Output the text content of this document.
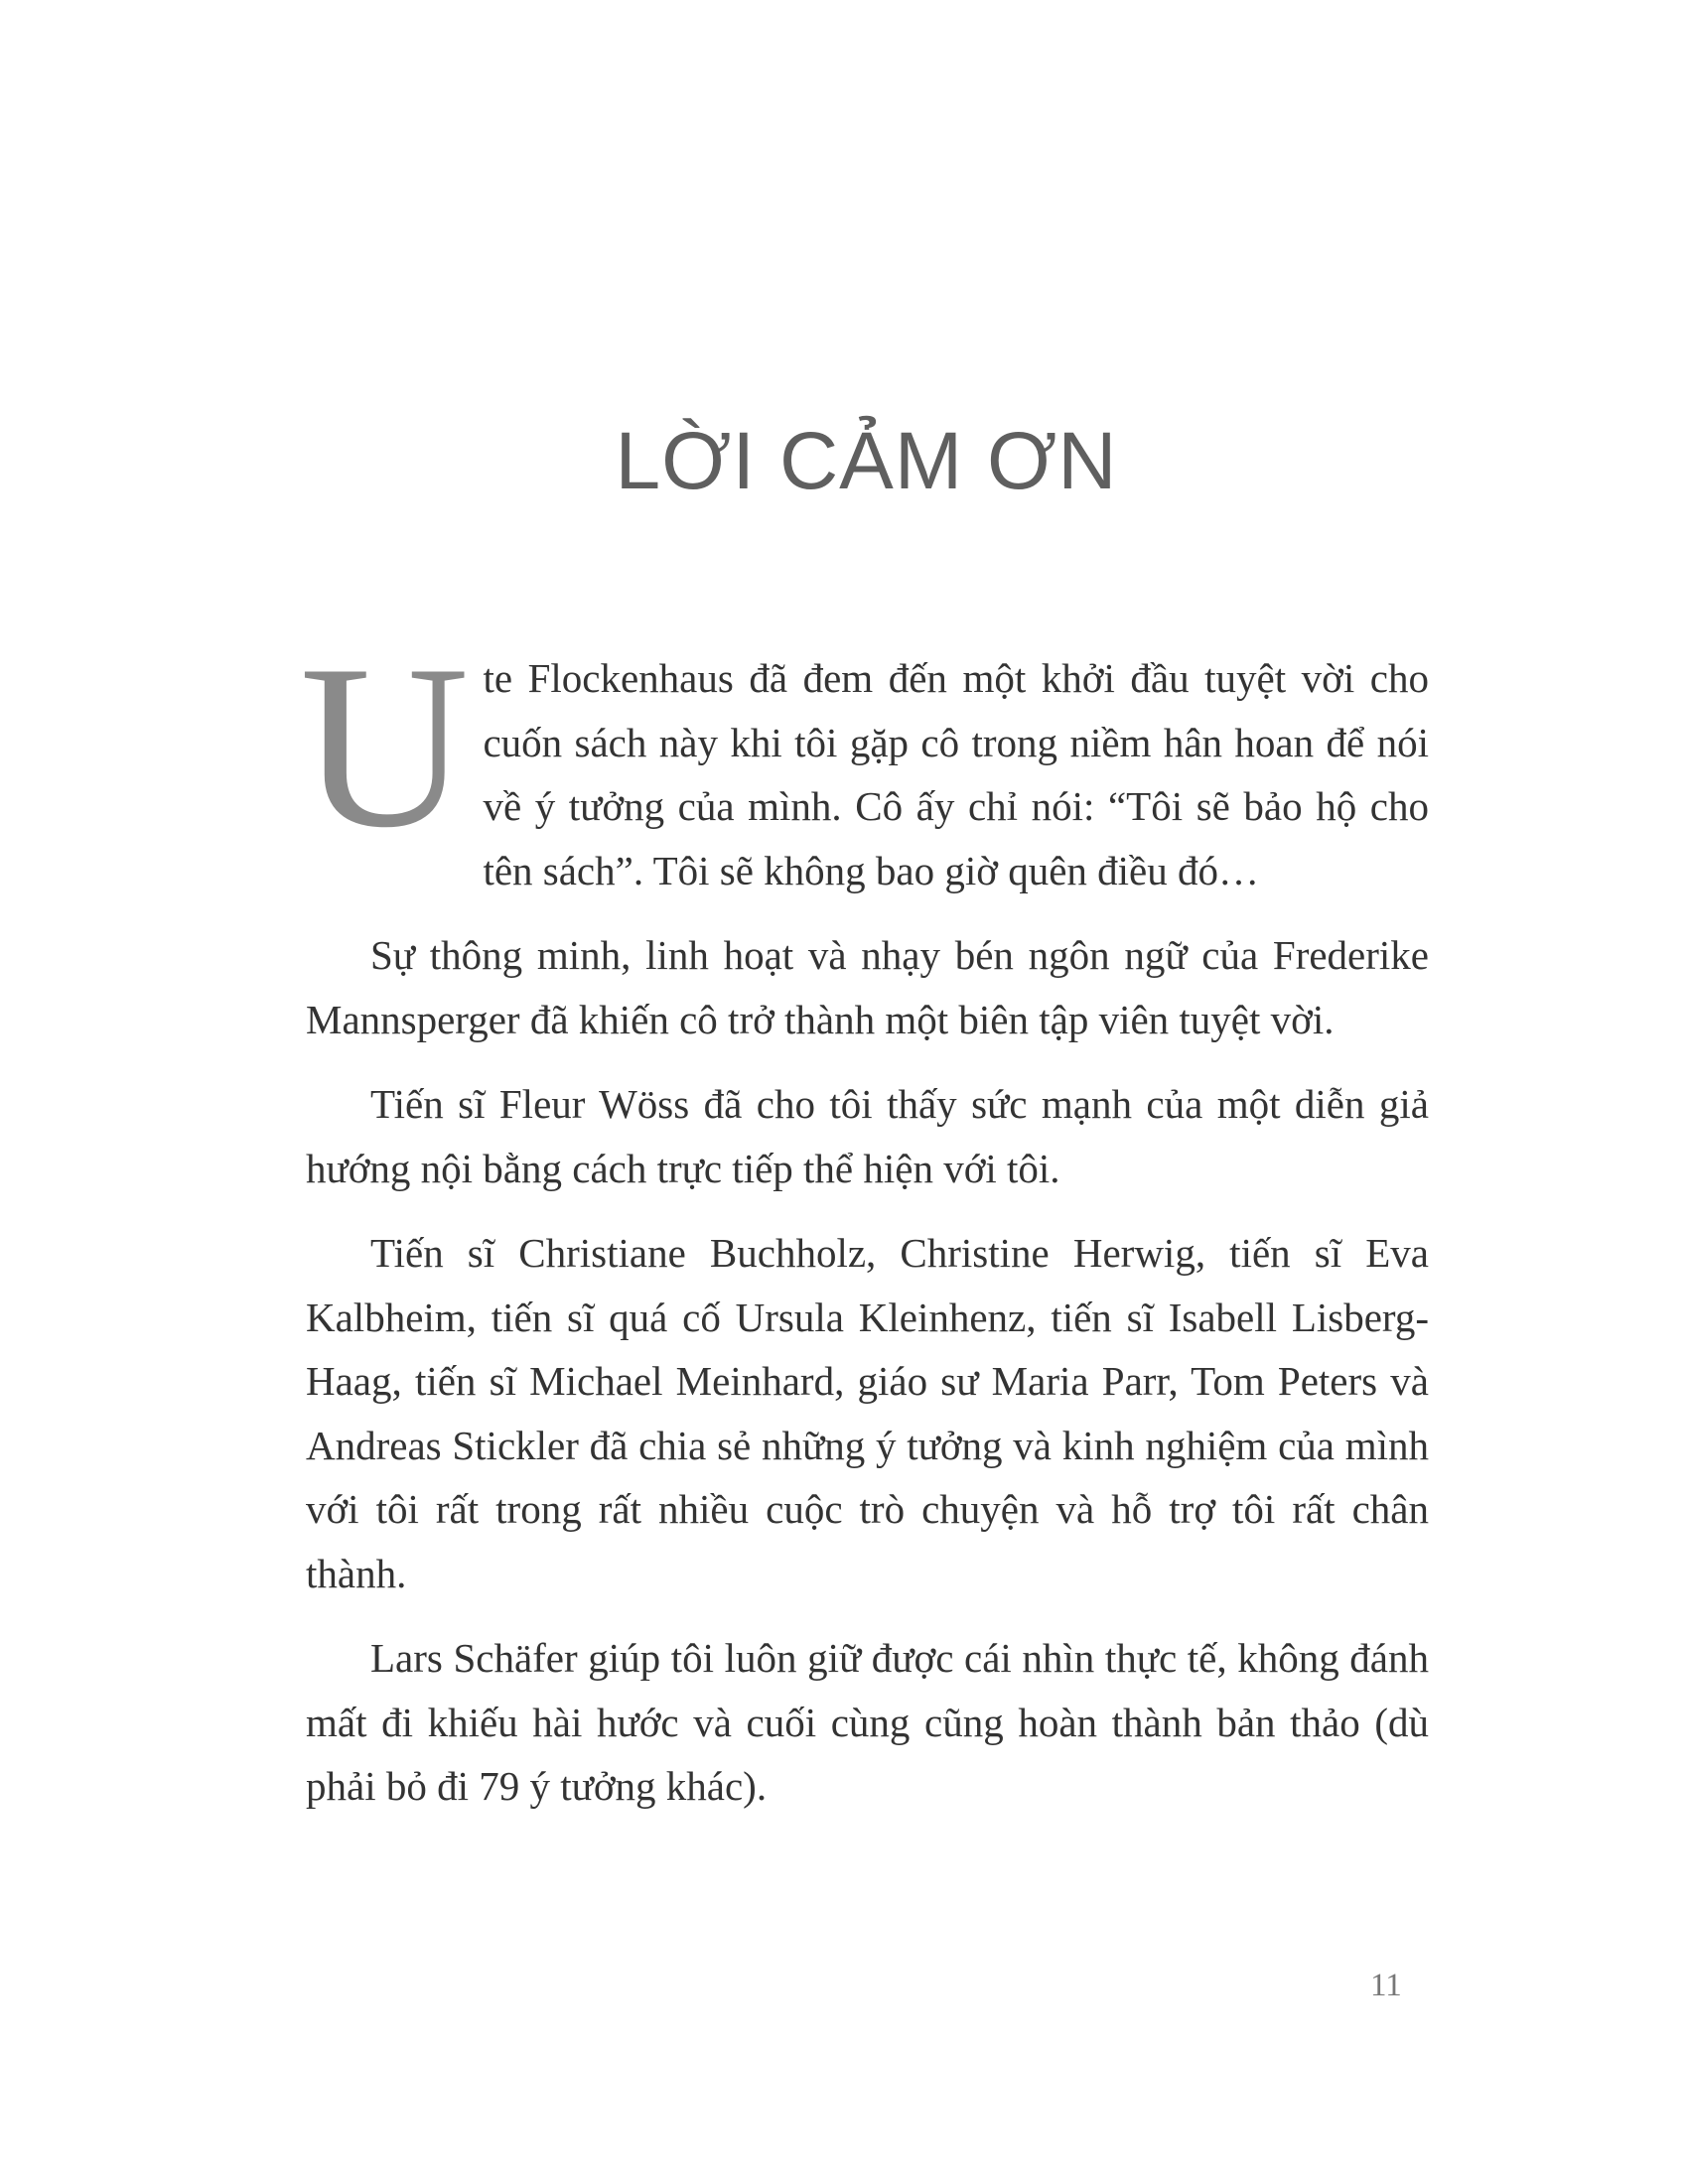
LỜI CẢM ƠN

Ute Flockenhaus đã đem đến một khởi đầu tuyệt vời cho cuốn sách này khi tôi gặp cô trong niềm hân hoan để nói về ý tưởng của mình. Cô ấy chỉ nói: “Tôi sẽ bảo hộ cho tên sách”. Tôi sẽ không bao giờ quên điều đó…

Sự thông minh, linh hoạt và nhạy bén ngôn ngữ của Frederike Mannsperger đã khiến cô trở thành một biên tập viên tuyệt vời.

Tiến sĩ Fleur Wöss đã cho tôi thấy sức mạnh của một diễn giả hướng nội bằng cách trực tiếp thể hiện với tôi.

Tiến sĩ Christiane Buchholz, Christine Herwig, tiến sĩ Eva Kalbheim, tiến sĩ quá cố Ursula Kleinhenz, tiến sĩ Isabell Lisberg-Haag, tiến sĩ Michael Meinhard, giáo sư Maria Parr, Tom Peters và Andreas Stickler đã chia sẻ những ý tưởng và kinh nghiệm của mình với tôi rất trong rất nhiều cuộc trò chuyện và hỗ trợ tôi rất chân thành.

Lars Schäfer giúp tôi luôn giữ được cái nhìn thực tế, không đánh mất đi khiếu hài hước và cuối cùng cũng hoàn thành bản thảo (dù phải bỏ đi 79 ý tưởng khác).

11
